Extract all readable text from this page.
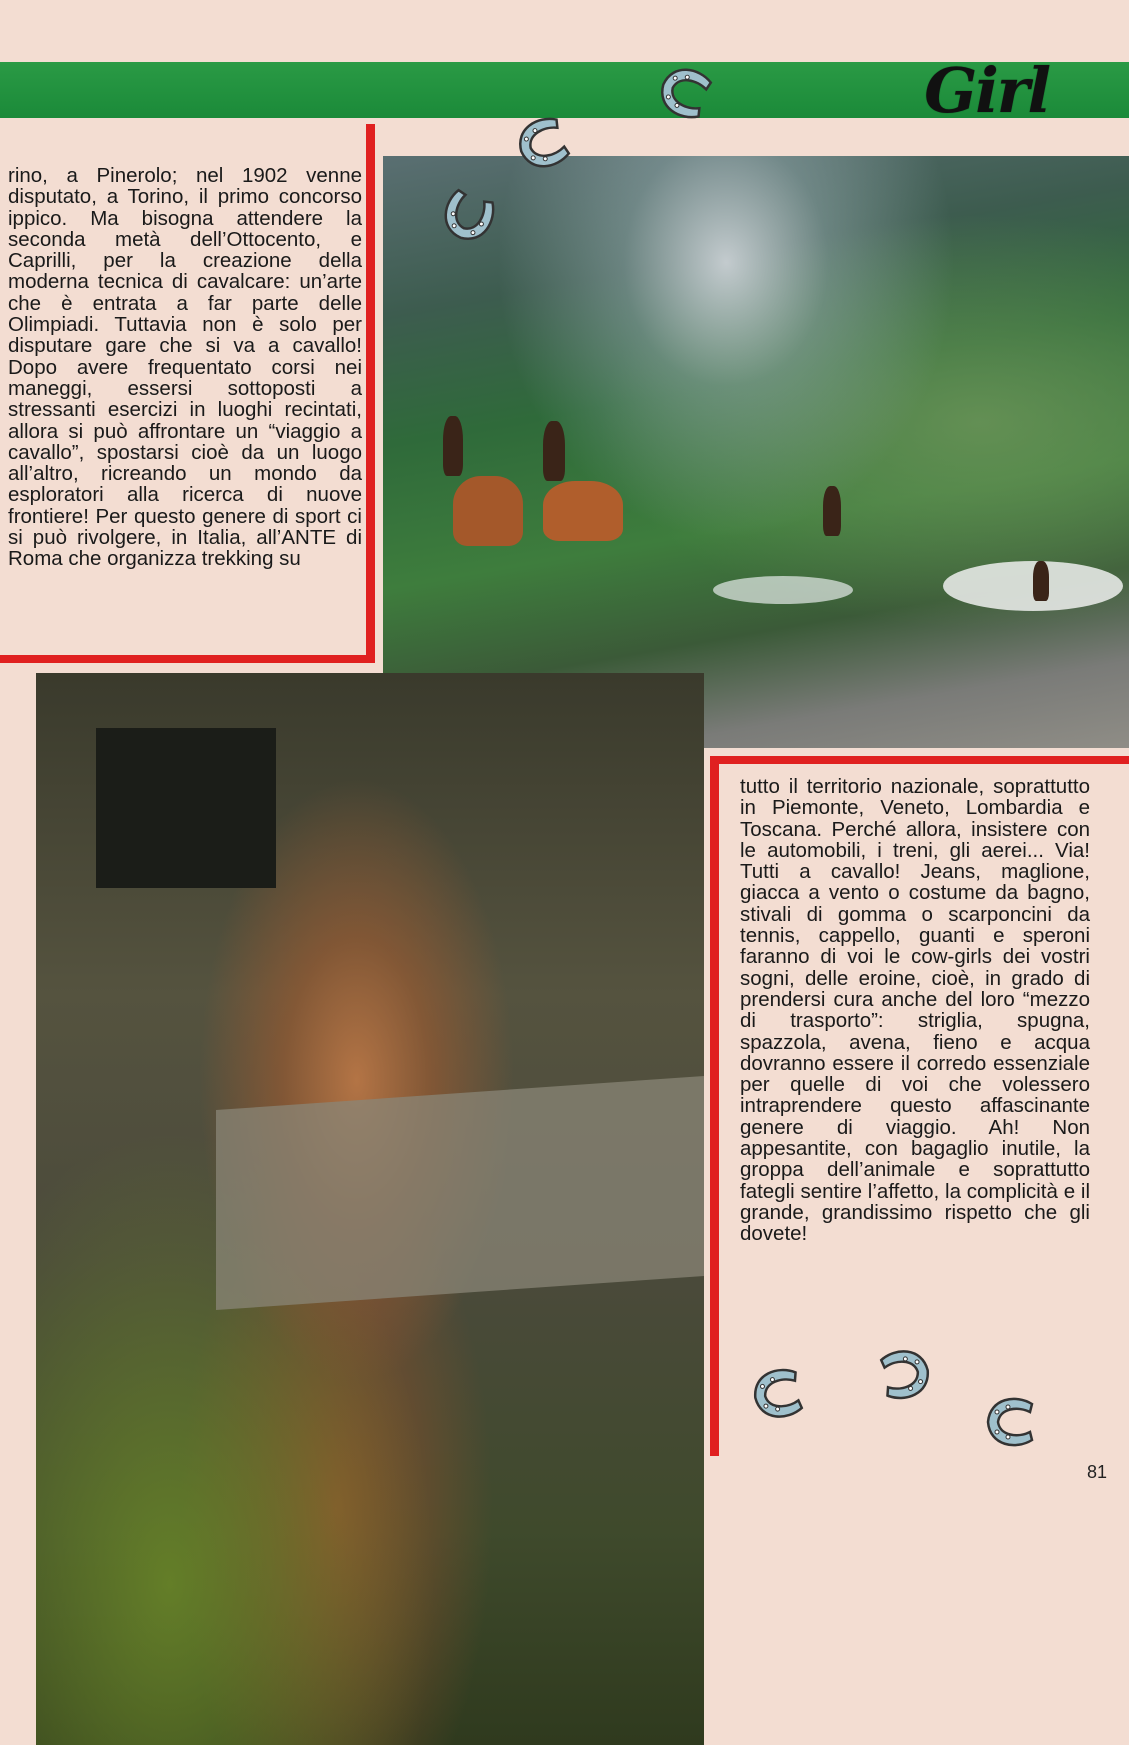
Girl

rino, a Pinerolo; nel 1902 venne disputato, a Torino, il primo concorso ippico. Ma bisogna attendere la seconda metà dell’Ottocento, e Caprilli, per la creazione della moderna tecnica di cavalcare: un’arte che è entrata a far parte delle Olimpiadi. Tuttavia non è solo per disputare gare che si va a cavallo! Dopo avere frequentato corsi nei maneggi, essersi sottoposti a stressanti esercizi in luoghi recintati, allora si può affrontare un “viaggio a cavallo”, spostarsi cioè da un luogo all’altro, ricreando un mondo da esploratori alla ricerca di nuove frontiere! Per questo genere di sport ci si può rivolgere, in Italia, all’ANTE di Roma che organizza trekking su

tutto il territorio nazionale, soprattutto in Piemonte, Veneto, Lombardia e Toscana. Perché allora, insistere con le automobili, i treni, gli aerei... Via! Tutti a cavallo! Jeans, maglione, giacca a vento o costume da bagno, stivali di gomma o scarponcini da tennis, cappello, guanti e speroni faranno di voi le cow-girls dei vostri sogni, delle eroine, cioè, in grado di prendersi cura anche del loro “mezzo di trasporto”: striglia, spugna, spazzola, avena, fieno e acqua dovranno essere il corredo essenziale per quelle di voi che volessero intraprendere questo affascinante genere di viaggio. Ah! Non appesantite, con bagaglio inutile, la groppa dell’animale e soprattutto fategli sentire l’affetto, la complicità e il grande, grandissimo rispetto che gli dovete!

81
